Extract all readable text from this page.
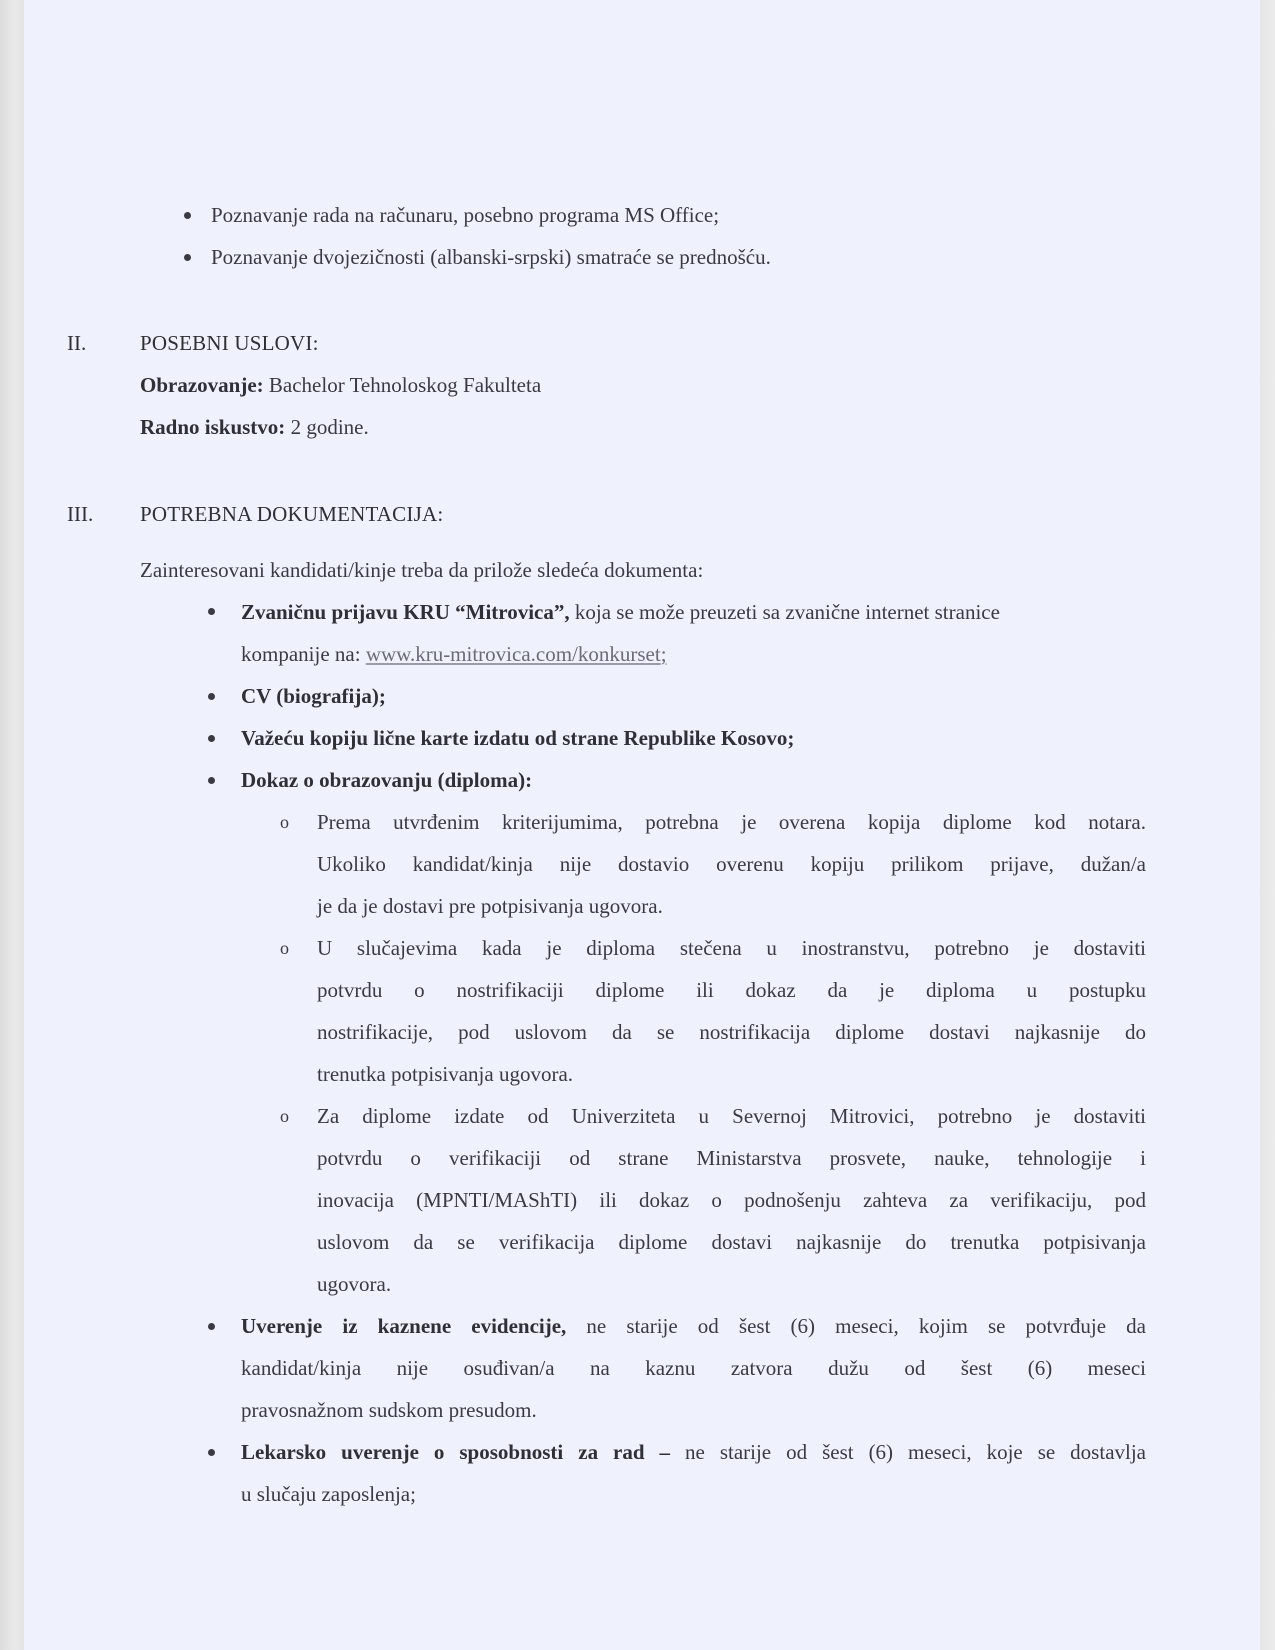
Poznavanje rada na računaru, posebno programa MS Office;
Poznavanje dvojezičnosti (albanski-srpski) smatraće se prednošću.
II.	POSEBNI USLOVI:
Obrazovanje: Bachelor Tehnoloskog Fakulteta
Radno iskustvo: 2 godine.
III. POTREBNA DOKUMENTACIJA:
Zainteresovani kandidati/kinje treba da prilože sledeća dokumenta:
Zvaničnu prijavu KRU “Mitrovica”, koja se može preuzeti sa zvanične internet stranice
kompanije na: www.kru-mitrovica.com/konkurset;
CV (biografija);
Važeću kopiju lične karte izdatu od strane Republike Kosovo;
Dokaz o obrazovanju (diploma):
o Prema utvrđenim kriterijumima, potrebna je overena kopija diplome kod notara.
Ukoliko kandidat/kinja nije dostavio overenu kopiju prilikom prijave, dužan/a
je da je dostavi pre potpisivanja ugovora.
o U slučajevima kada je diploma stečena u inostranstvu, potrebno je dostaviti
potvrdu o nostrifikaciji diplome ili dokaz da je diploma u postupku
nostrifikacije, pod uslovom da se nostrifikacija diplome dostavi najkasnije do
trenutka potpisivanja ugovora.
o Za diplome izdate od Univerziteta u Severnoj Mitrovici, potrebno je dostaviti
potvrdu o verifikaciji od strane Ministarstva prosvete, nauke, tehnologije i
inovacija (MPNTI/MAShTI) ili dokaz o podnošenju zahteva za verifikaciju, pod
uslovom da se verifikacija diplome dostavi najkasnije do trenutka potpisivanja
ugovora.
Uverenje iz kaznene evidencije, ne starije od šest (6) meseci, kojim se potvrđuje da
kandidat/kinja nije osuđivan/a na kaznu zatvora dužu od šest (6) meseci
pravosnažnom sudskom presudom.
Lekarsko uverenje o sposobnosti za rad – ne starije od šest (6) meseci, koje se dostavlja
u slučaju zaposlenja;
